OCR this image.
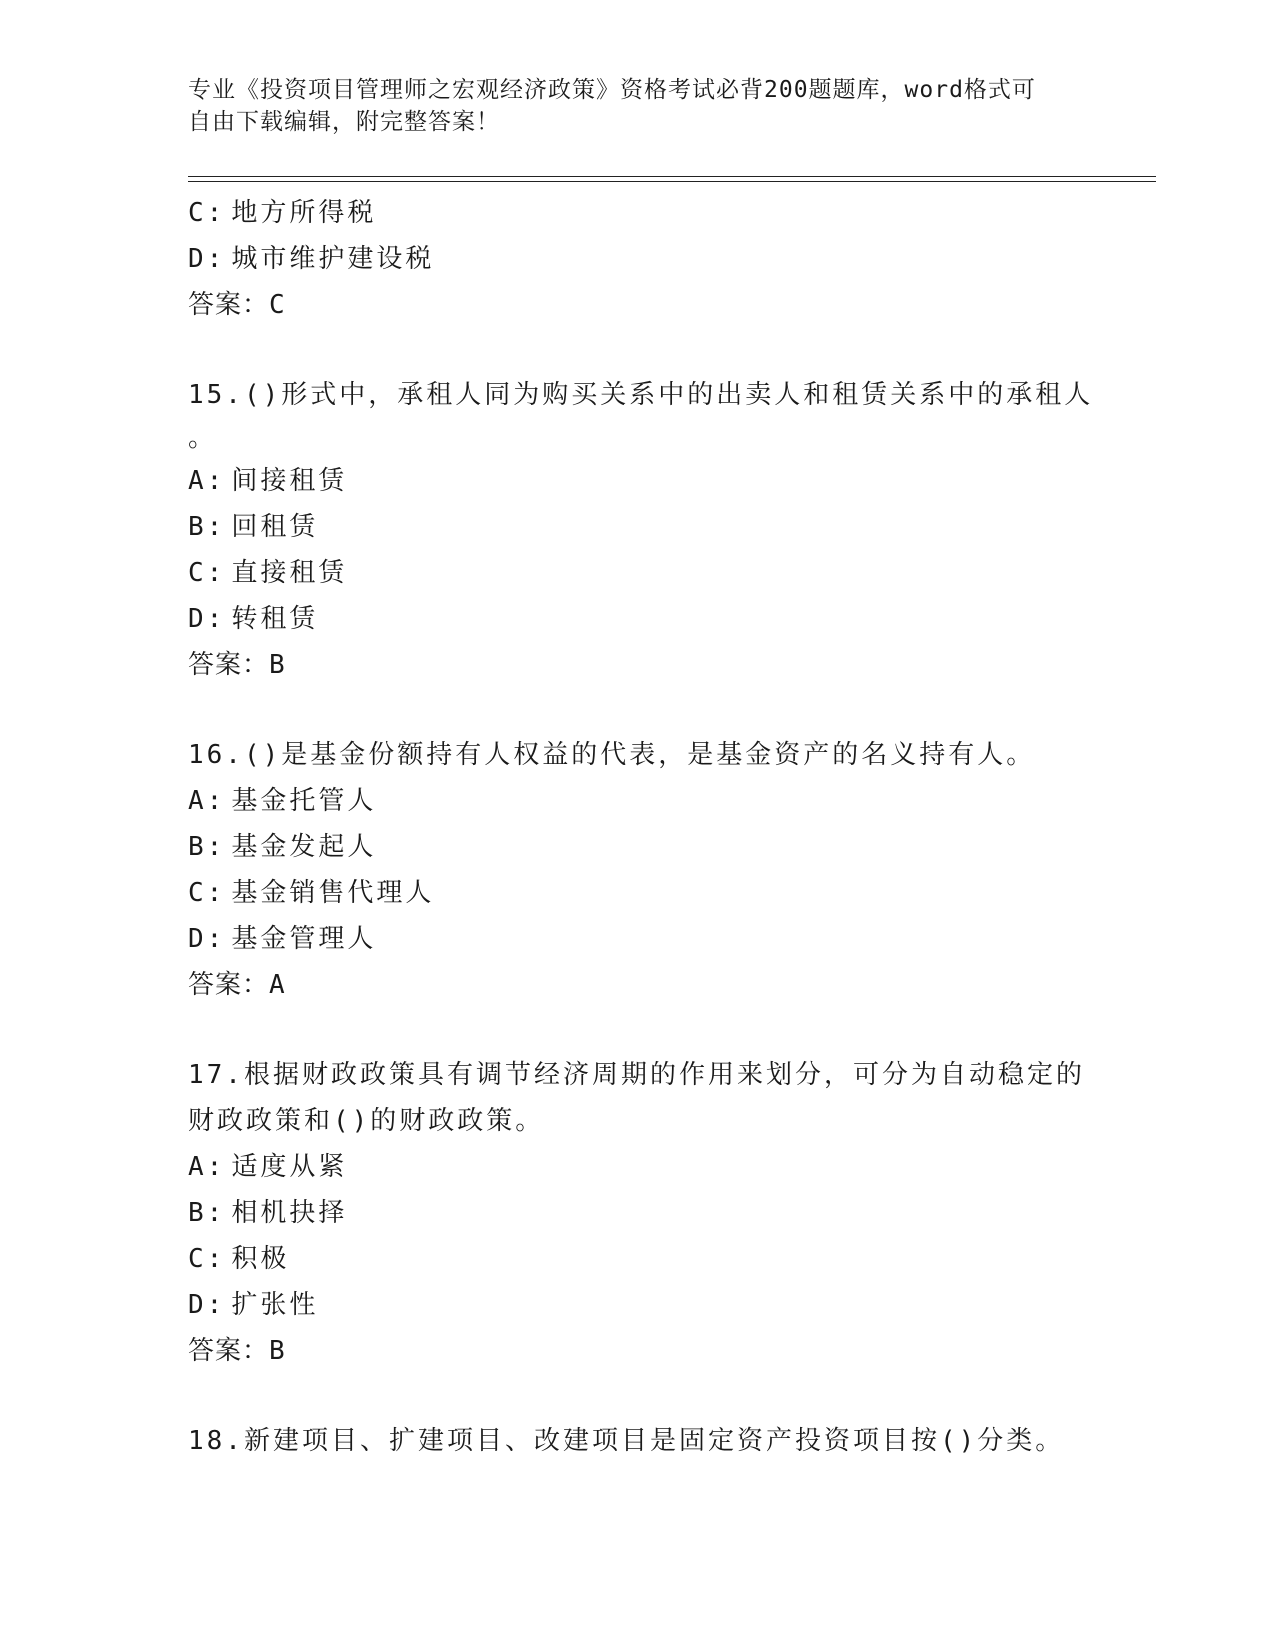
专业《投资项目管理师之宏观经济政策》资格考试必背200题题库，word格式可
自由下载编辑，附完整答案！
C: 地方所得税
D: 城市维护建设税
答案：C
15.()形式中，承租人同为购买关系中的出卖人和租赁关系中的承租人
。
A: 间接租赁
B: 回租赁
C: 直接租赁
D: 转租赁
答案：B
16.()是基金份额持有人权益的代表，是基金资产的名义持有人。
A: 基金托管人
B: 基金发起人
C: 基金销售代理人
D: 基金管理人
答案：A
17.根据财政政策具有调节经济周期的作用来划分，可分为自动稳定的
财政政策和()的财政政策。
A: 适度从紧
B: 相机抉择
C: 积极
D: 扩张性
答案：B
18.新建项目、扩建项目、改建项目是固定资产投资项目按()分类。
